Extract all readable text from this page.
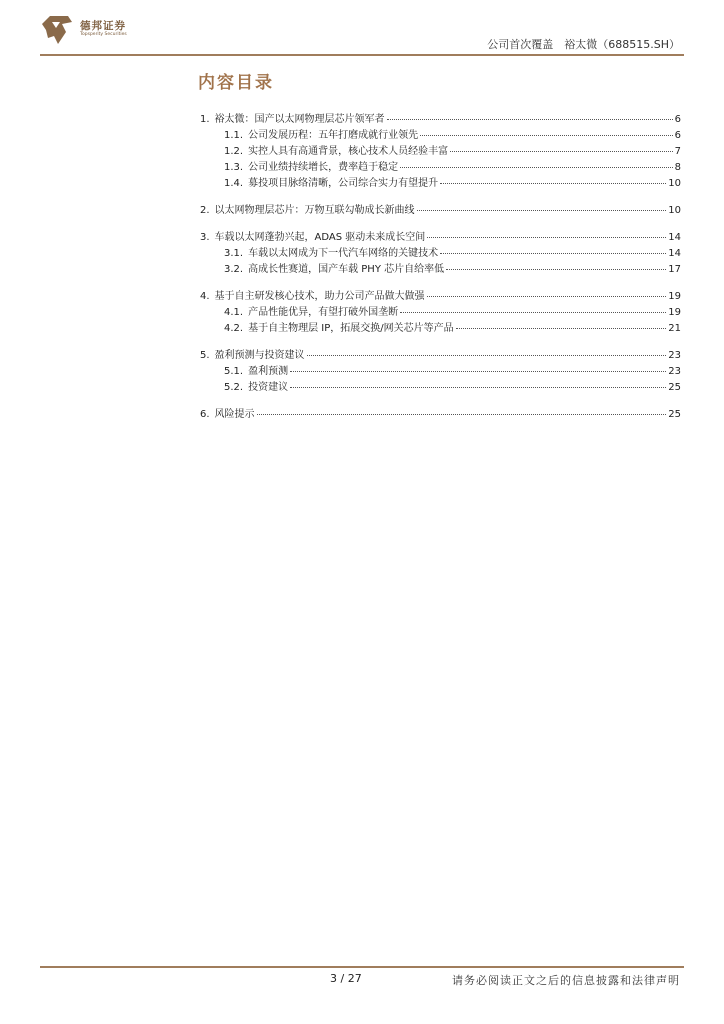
德邦证券
Topsperity Securities
公司首次覆盖　裕太微（688515.SH）
内容目录
1. 裕太微：国产以太网物理层芯片领军者	6
1.1. 公司发展历程：五年打磨成就行业领先	6
1.2. 实控人具有高通背景，核心技术人员经验丰富	7
1.3. 公司业绩持续增长，费率趋于稳定	8
1.4. 募投项目脉络清晰，公司综合实力有望提升	10
2. 以太网物理层芯片：万物互联勾勒成长新曲线	10
3. 车载以太网蓬勃兴起，ADAS 驱动未来成长空间	14
3.1. 车载以太网成为下一代汽车网络的关键技术	14
3.2. 高成长性赛道，国产车载 PHY 芯片自给率低	17
4. 基于自主研发核心技术，助力公司产品做大做强	19
4.1. 产品性能优异，有望打破外国垄断	19
4.2. 基于自主物理层 IP，拓展交换/网关芯片等产品	21
5. 盈利预测与投资建议	23
5.1. 盈利预测	23
5.2. 投资建议	25
6. 风险提示	25
3 / 27	请务必阅读正文之后的信息披露和法律声明
